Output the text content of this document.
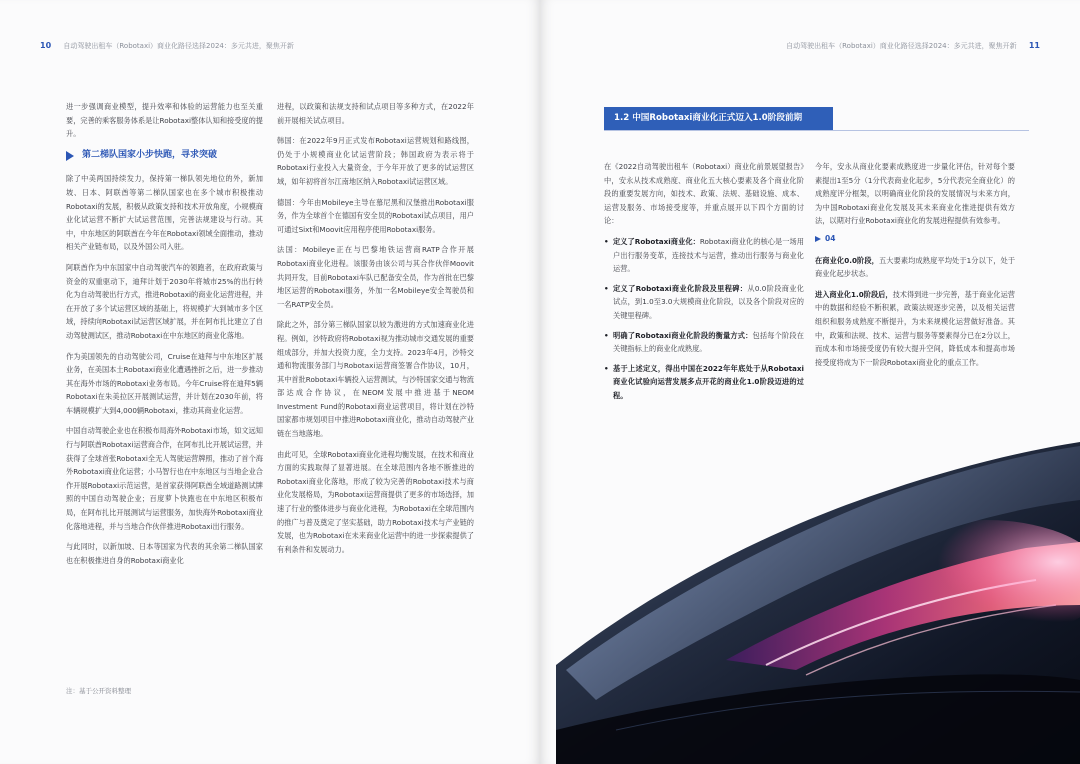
10 自动驾驶出租车（Robotaxi）商业化路径选择2024：多元共进，聚焦开新

进一步强调商业模型，提升效率和体验的运营能力也至关重要，完善的乘客服务体系是让Robotaxi整体认知和接受度的提升。

第二梯队国家小步快跑，寻求突破

除了中美两国持续发力，保持第一梯队领先地位的外，新加坡、日本、阿联酋等第二梯队国家也在多个城市积极推动Robotaxi的发展，积极从政策支持和技术开放角度，小规模商业化试运营不断扩大试运营范围，完善法规建设与行动。其中，中东地区的阿联酋在今年在Robotaxi领域全面推动，推动相关产业链布局，以及外国公司入驻。

阿联酋作为中东国家中自动驾驶汽车的领跑者，在政府政策与资金的双重驱动下，迪拜计划于2030年将城市25%的出行转化为自动驾驶出行方式，推进Robotaxi的商业化运营进程，并在开放了多个试运营区域的基础上，将规模扩大到城市多个区域，持续向Robotaxi试运营区域扩展，并在阿布扎比建立了自动驾驶测试区，推动Robotaxi在中东地区的商业化落地。

作为美国领先的自动驾驶公司，Cruise在迪拜与中东地区扩展业务，在美国本土Robotaxi商业化遭遇挫折之后，进一步推动其在海外市场的Robotaxi业务布局。今年Cruise将在迪拜5辆Robotaxi在朱美拉区开展测试运营，并计划在2030年前，将车辆规模扩大到4,000辆Robotaxi，推动其商业化运营。

中国自动驾驶企业也在积极布局海外Robotaxi市场，如文远知行与阿联酋Robotaxi运营商合作，在阿布扎比开展试运营，并获得了全球首张Robotaxi全无人驾驶运营牌照，推动了首个海外Robotaxi商业化运营；小马智行也在中东地区与当地企业合作开展Robotaxi示范运营，是首家获得阿联酋全域道路测试牌照的中国自动驾驶企业；百度萝卜快跑也在中东地区积极布局，在阿布扎比开展测试与运营服务，加快海外Robotaxi商业化落地进程，并与当地合作伙伴推进Robotaxi出行服务。

与此同时，以新加坡、日本等国家为代表的其余第二梯队国家也在积极推进自身的Robotaxi商业化

进程，以政策和法规支持和试点项目等多种方式，在2022年前开展相关试点项目。

韩国：在2022年9月正式发布Robotaxi运营规划和路线图，仍处于小规模商业化试运营阶段；韩国政府为表示将于Robotaxi行业投入大量资金，于今年开放了更多的试运营区域，如年初将首尔江南地区纳入Robotaxi试运营区域。

德国：今年由Mobileye主导在慕尼黑和汉堡推出Robotaxi服务，作为全球首个在德国有安全员的Robotaxi试点项目，用户可通过Sixt和Moovit应用程序使用Robotaxi服务。

法国：Mobileye正在与巴黎地铁运营商RATP合作开展Robotaxi商业化进程。该服务由该公司与其合作伙伴Moovit共同开发，目前Robotaxi车队已配备安全员，作为首批在巴黎地区运营的Robotaxi服务，外加一名Mobileye安全驾驶员和一名RATP安全员。

除此之外，部分第三梯队国家以较为激进的方式加速商业化进程。例如，沙特政府将Robotaxi视为推动城市交通发展的重要组成部分，并加大投资力度，全力支持。2023年4月，沙特交通和物流服务部门与Robotaxi运营商签署合作协议，10月，其中首批Robotaxi车辆投入运营测试，与沙特国家交通与物流部达成合作协议，在NEOM发展中推进基于NEOM Investment Fund的Robotaxi商业运营项目，将计划在沙特国家都市规划项目中推进Robotaxi商业化，推动自动驾驶产业链在当地落地。

由此可见，全球Robotaxi商业化进程均衡发展，在技术和商业方面的实践取得了显著进展。在全球范围内各地不断推进的Robotaxi商业化落地，形成了较为完善的Robotaxi技术与商业化发展格局，为Robotaxi运营商提供了更多的市场选择，加速了行业的整体进步与商业化进程，为Robotaxi在全球范围内的推广与普及奠定了坚实基础，助力Robotaxi技术与产业链的发展，也为Robotaxi在未来商业化运营中的进一步探索提供了有利条件和发展动力。

注：基于公开资料整理
自动驾驶出租车（Robotaxi）商业化路径选择2024：多元共进，聚焦开新 11
1.2 中国Robotaxi商业化正式迈入1.0阶段前期

在《2022自动驾驶出租车（Robotaxi）商业化前景展望报告》中，安永从技术成熟度、商业化五大核心要素及各个商业化阶段的重要发展方向，如技术、政策、法规、基础设施、成本、运营及服务、市场接受度等，并重点展开以下四个方面的讨论：

• 定义了Robotaxi商业化：Robotaxi商业化的核心是一场用户出行服务变革，连接技术与运营，推动出行服务与商业化运营。
• 定义了Robotaxi商业化阶段及里程碑：从0.0阶段商业化试点，到1.0至3.0大规模商业化阶段，以及各个阶段对应的关键里程碑。
• 明确了Robotaxi商业化阶段的衡量方式：包括每个阶段在关键指标上的商业化成熟度。
• 基于上述定义，得出中国在2022年年底处于从Robotaxi商业化试验向运营发展多点开花的商业化1.0阶段迈进的过程。

今年，安永从商业化要素成熟度进一步量化评估，针对每个要素提出1至5分（1分代表商业化起步，5分代表完全商业化）的成熟度评分框架，以明确商业化阶段的发展情况与未来方向，为中国Robotaxi商业化发展及其未来商业化推进提供有效方法，以期对行业Robotaxi商业化的发展进程提供有效参考。

04

在商业化0.0阶段，五大要素均成熟度平均处于1分以下，处于商业化起步状态。

进入商业化1.0阶段后，技术得到进一步完善，基于商业化运营中的数据和经验不断积累，政策法规逐步完善，以及相关运营组织和服务成熟度不断提升，为未来规模化运营做好准备。其中，政策和法规、技术、运营与服务等要素得分已在2分以上，而成本和市场接受度仍有较大提升空间，降低成本和提高市场接受度将成为下一阶段Robotaxi商业化的重点工作。
